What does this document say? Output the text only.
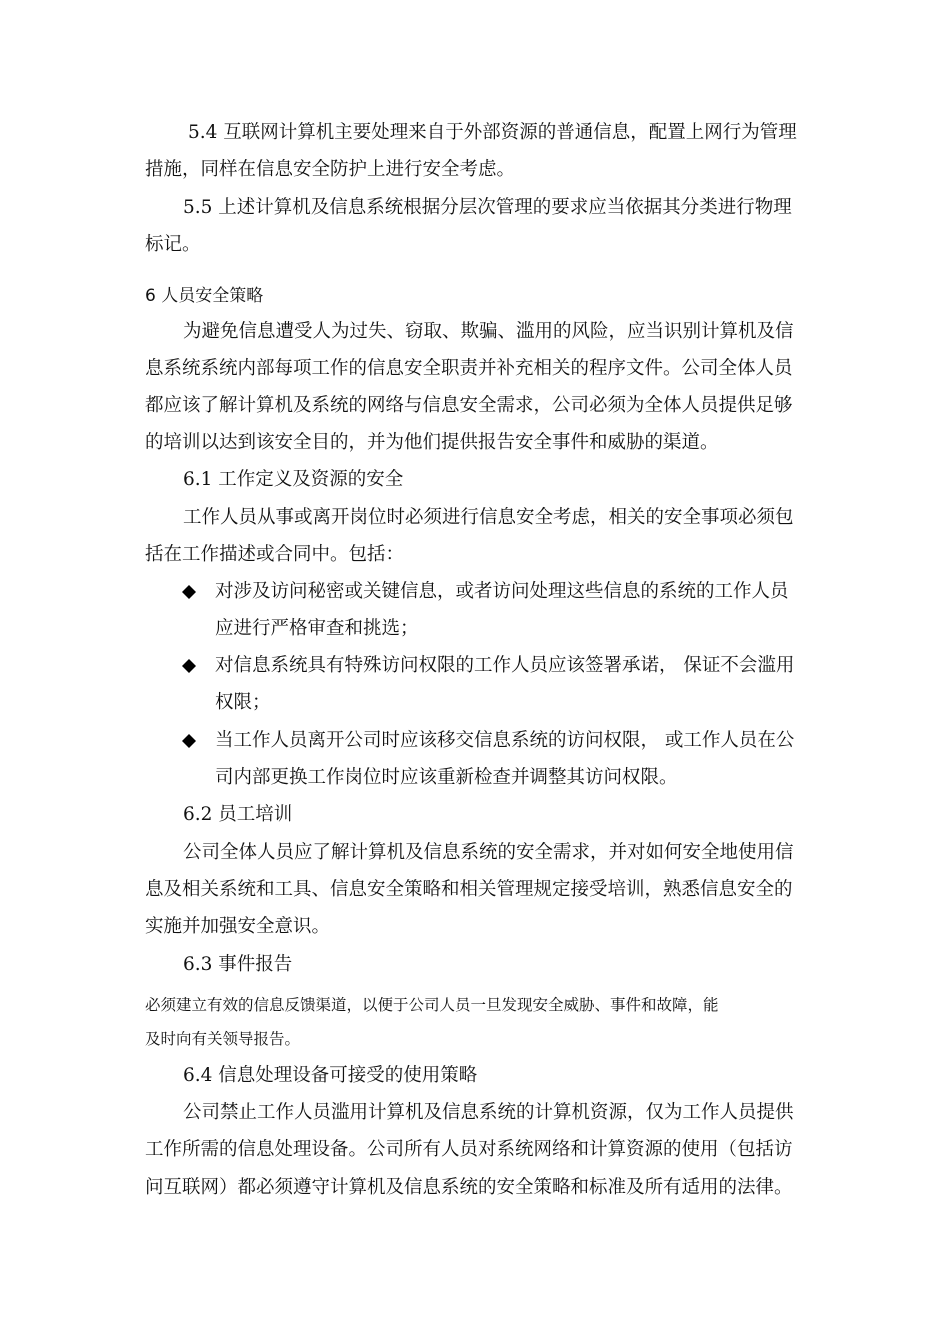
5.4 互联网计算机主要处理来自于外部资源的普通信息，配置上网行为管理
措施，同样在信息安全防护上进行安全考虑。
5.5 上述计算机及信息系统根据分层次管理的要求应当依据其分类进行物理
标记。
6 人员安全策略
为避免信息遭受人为过失、窃取、欺骗、滥用的风险，应当识别计算机及信
息系统系统内部每项工作的信息安全职责并补充相关的程序文件。公司全体人员
都应该了解计算机及系统的网络与信息安全需求，公司必须为全体人员提供足够
的培训以达到该安全目的，并为他们提供报告安全事件和威胁的渠道。
6.1 工作定义及资源的安全
工作人员从事或离开岗位时必须进行信息安全考虑，相关的安全事项必须包
括在工作描述或合同中。包括：
对涉及访问秘密或关键信息，或者访问处理这些信息的系统的工作人员
应进行严格审查和挑选；
对信息系统具有特殊访问权限的工作人员应该签署承诺， 保证不会滥用
权限；
当工作人员离开公司时应该移交信息系统的访问权限， 或工作人员在公
司内部更换工作岗位时应该重新检查并调整其访问权限。
6.2 员工培训
公司全体人员应了解计算机及信息系统的安全需求，并对如何安全地使用信
息及相关系统和工具、信息安全策略和相关管理规定接受培训，熟悉信息安全的
实施并加强安全意识。
6.3 事件报告
必须建立有效的信息反馈渠道，以便于公司人员一旦发现安全威胁、事件和故障，能
及时向有关领导报告。
6.4 信息处理设备可接受的使用策略
公司禁止工作人员滥用计算机及信息系统的计算机资源，仅为工作人员提供
工作所需的信息处理设备。公司所有人员对系统网络和计算资源的使用（包括访
问互联网）都必须遵守计算机及信息系统的安全策略和标准及所有适用的法律。
